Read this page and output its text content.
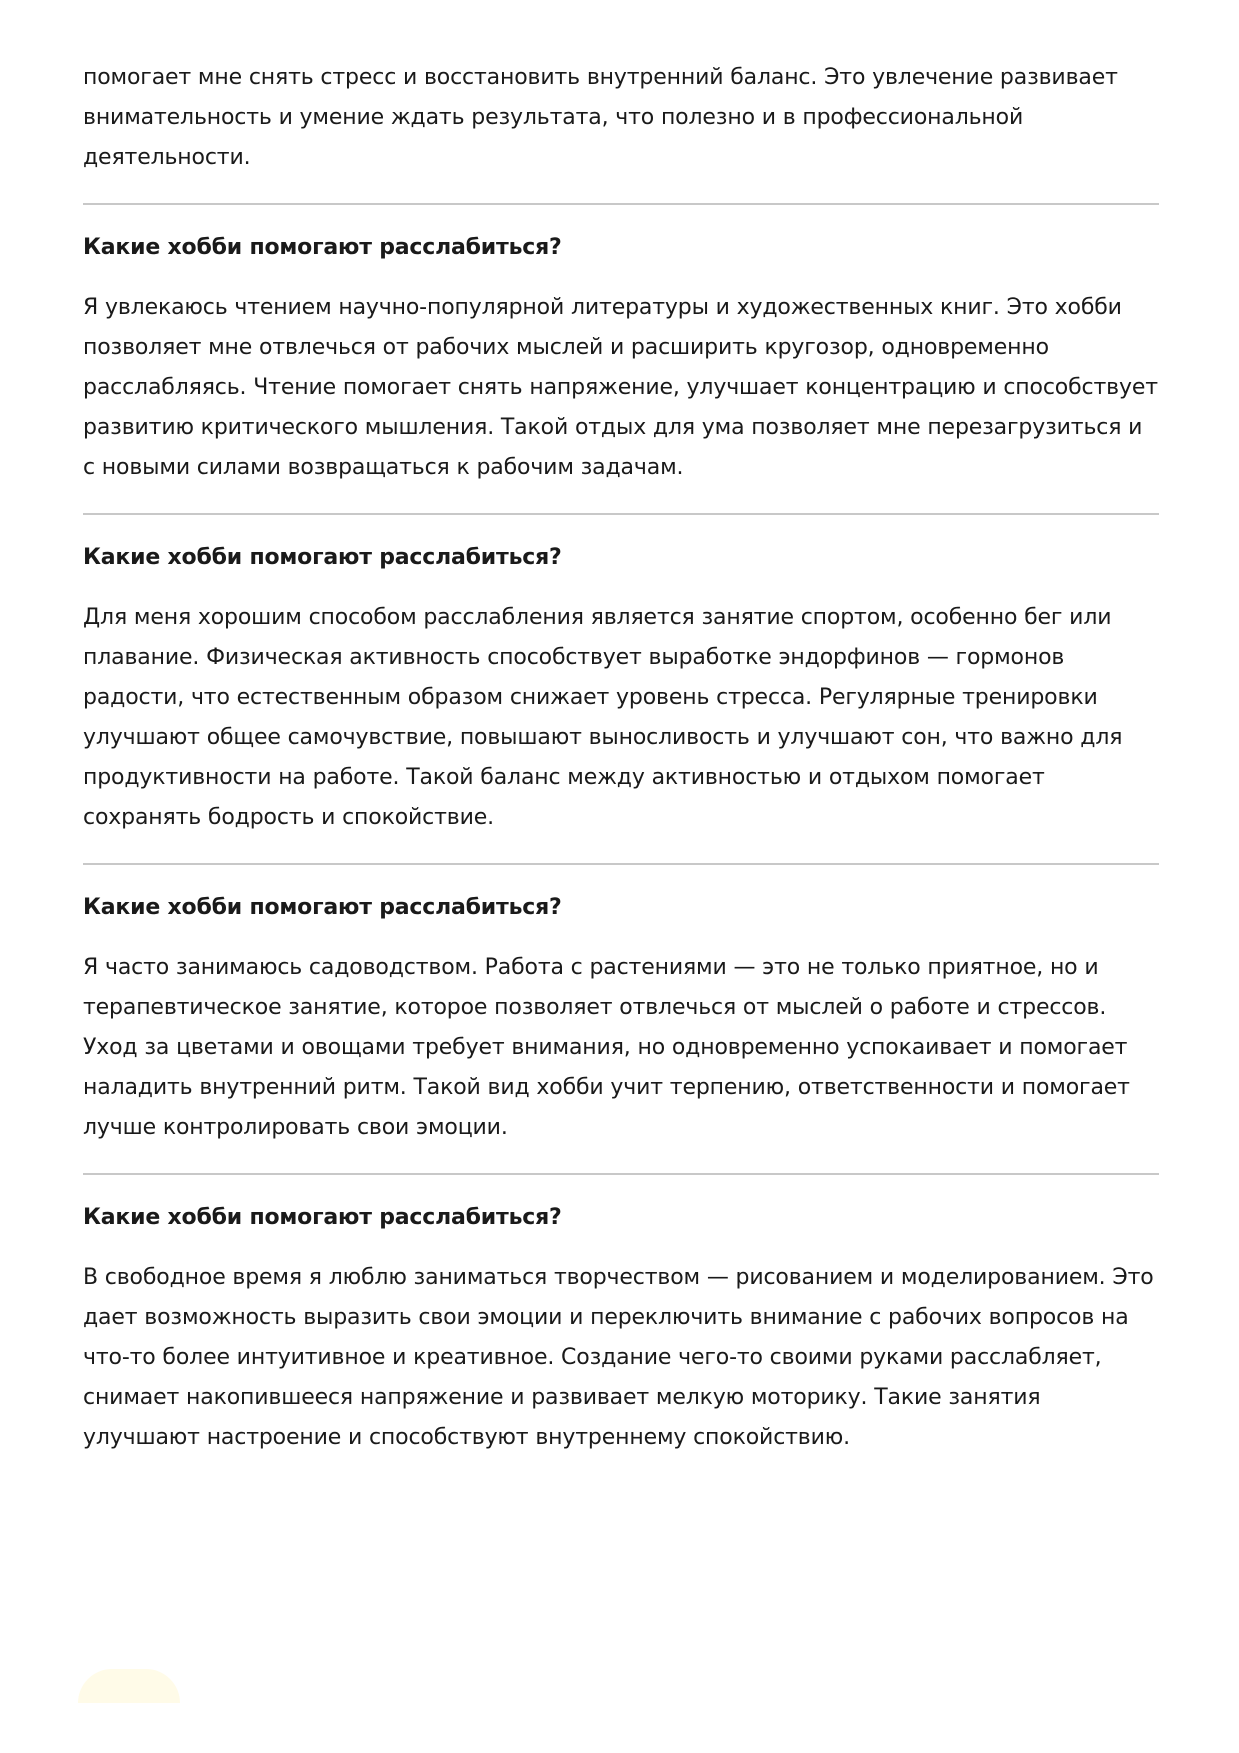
помогает мне снять стресс и восстановить внутренний баланс. Это увлечение развивает внимательность и умение ждать результата, что полезно и в профессиональной деятельности.

Какие хобби помогают расслабиться?

Я увлекаюсь чтением научно-популярной литературы и художественных книг. Это хобби позволяет мне отвлечься от рабочих мыслей и расширить кругозор, одновременно расслабляясь. Чтение помогает снять напряжение, улучшает концентрацию и способствует развитию критического мышления. Такой отдых для ума позволяет мне перезагрузиться и с новыми силами возвращаться к рабочим задачам.

Какие хобби помогают расслабиться?

Для меня хорошим способом расслабления является занятие спортом, особенно бег или плавание. Физическая активность способствует выработке эндорфинов — гормонов радости, что естественным образом снижает уровень стресса. Регулярные тренировки улучшают общее самочувствие, повышают выносливость и улучшают сон, что важно для продуктивности на работе. Такой баланс между активностью и отдыхом помогает сохранять бодрость и спокойствие.

Какие хобби помогают расслабиться?

Я часто занимаюсь садоводством. Работа с растениями — это не только приятное, но и терапевтическое занятие, которое позволяет отвлечься от мыслей о работе и стрессов. Уход за цветами и овощами требует внимания, но одновременно успокаивает и помогает наладить внутренний ритм. Такой вид хобби учит терпению, ответственности и помогает лучше контролировать свои эмоции.

Какие хобби помогают расслабиться?

В свободное время я люблю заниматься творчеством — рисованием и моделированием. Это дает возможность выразить свои эмоции и переключить внимание с рабочих вопросов на что-то более интуитивное и креативное. Создание чего-то своими руками расслабляет, снимает накопившееся напряжение и развивает мелкую моторику. Такие занятия улучшают настроение и способствуют внутреннему спокойствию.
